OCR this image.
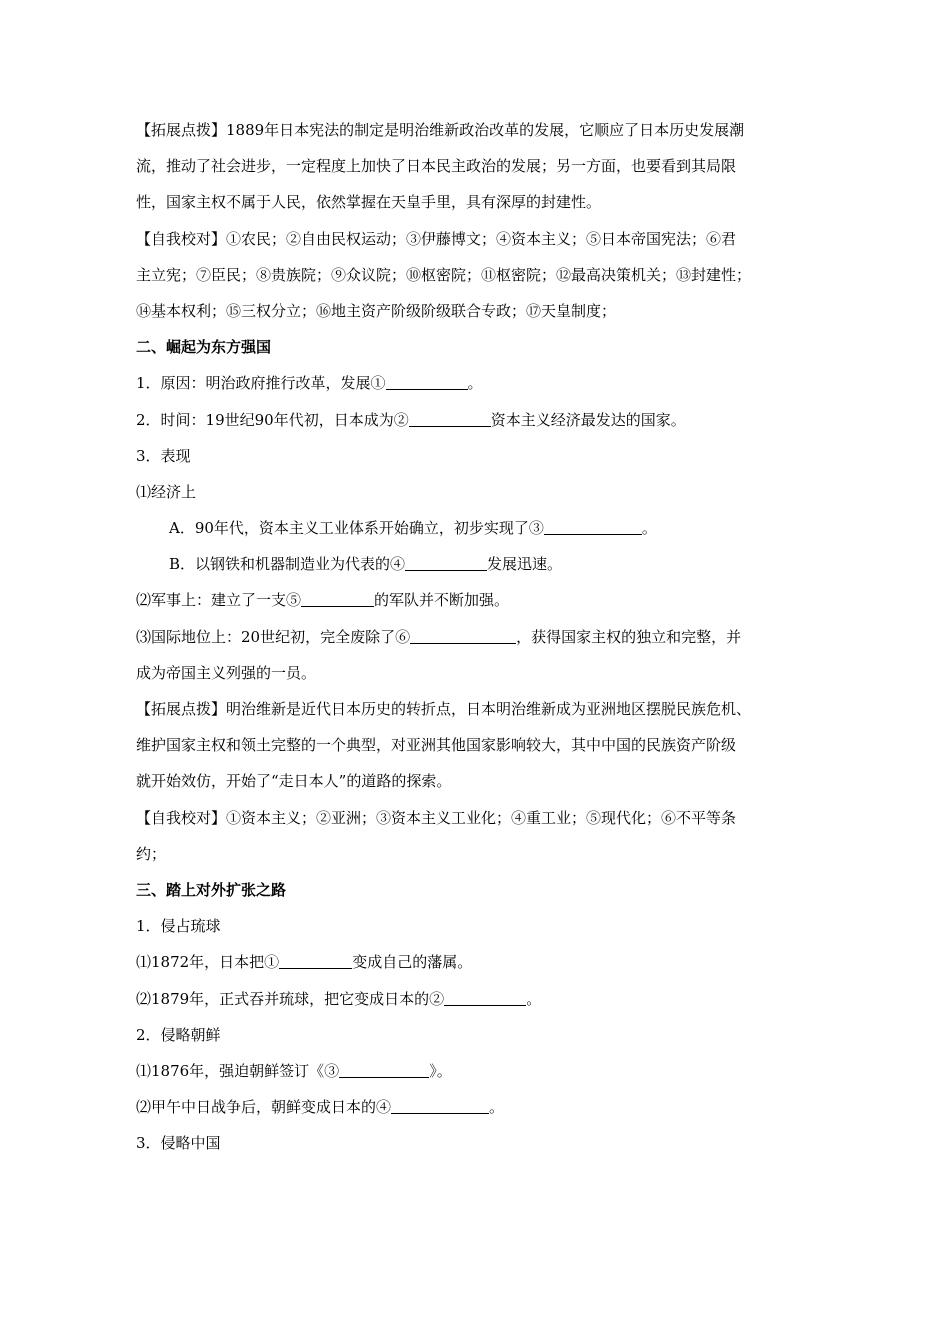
【拓展点拨】1889年日本宪法的制定是明治维新政治改革的发展，它顺应了日本历史发展潮
流，推动了社会进步，一定程度上加快了日本民主政治的发展；另一方面，也要看到其局限
性，国家主权不属于人民，依然掌握在天皇手里，具有深厚的封建性。
【自我校对】①农民；②自由民权运动；③伊藤博文；④资本主义；⑤日本帝国宪法；⑥君
主立宪；⑦臣民；⑧贵族院；⑨众议院；⑩枢密院；⑪枢密院；⑫最高决策机关；⑬封建性；
⑭基本权利；⑮三权分立；⑯地主资产阶级阶级联合专政；⑰天皇制度；
二、崛起为东方强国
1．原因：明治政府推行改革，发展①	。
2．时间：19世纪90年代初，日本成为②	资本主义经济最发达的国家。
3．表现
⑴经济上
A．90年代，资本主义工业体系开始确立，初步实现了③	。
B．以钢铁和机器制造业为代表的④	发展迅速。
⑵军事上：建立了一支⑤	的军队并不断加强。
⑶国际地位上：20世纪初，完全废除了⑥	，获得国家主权的独立和完整，并
成为帝国主义列强的一员。
【拓展点拨】明治维新是近代日本历史的转折点，日本明治维新成为亚洲地区摆脱民族危机、
维护国家主权和领土完整的一个典型，对亚洲其他国家影响较大，其中中国的民族资产阶级
就开始效仿，开始了“走日本人”的道路的探索。
【自我校对】①资本主义；②亚洲；③资本主义工业化；④重工业；⑤现代化；⑥不平等条
约；
三、踏上对外扩张之路
1．侵占琉球
⑴1872年，日本把①	变成自己的藩属。
⑵1879年，正式吞并琉球，把它变成日本的②	。
2．侵略朝鲜
⑴1876年，强迫朝鲜签订《③	》。
⑵甲午中日战争后，朝鲜变成日本的④	。
3．侵略中国
